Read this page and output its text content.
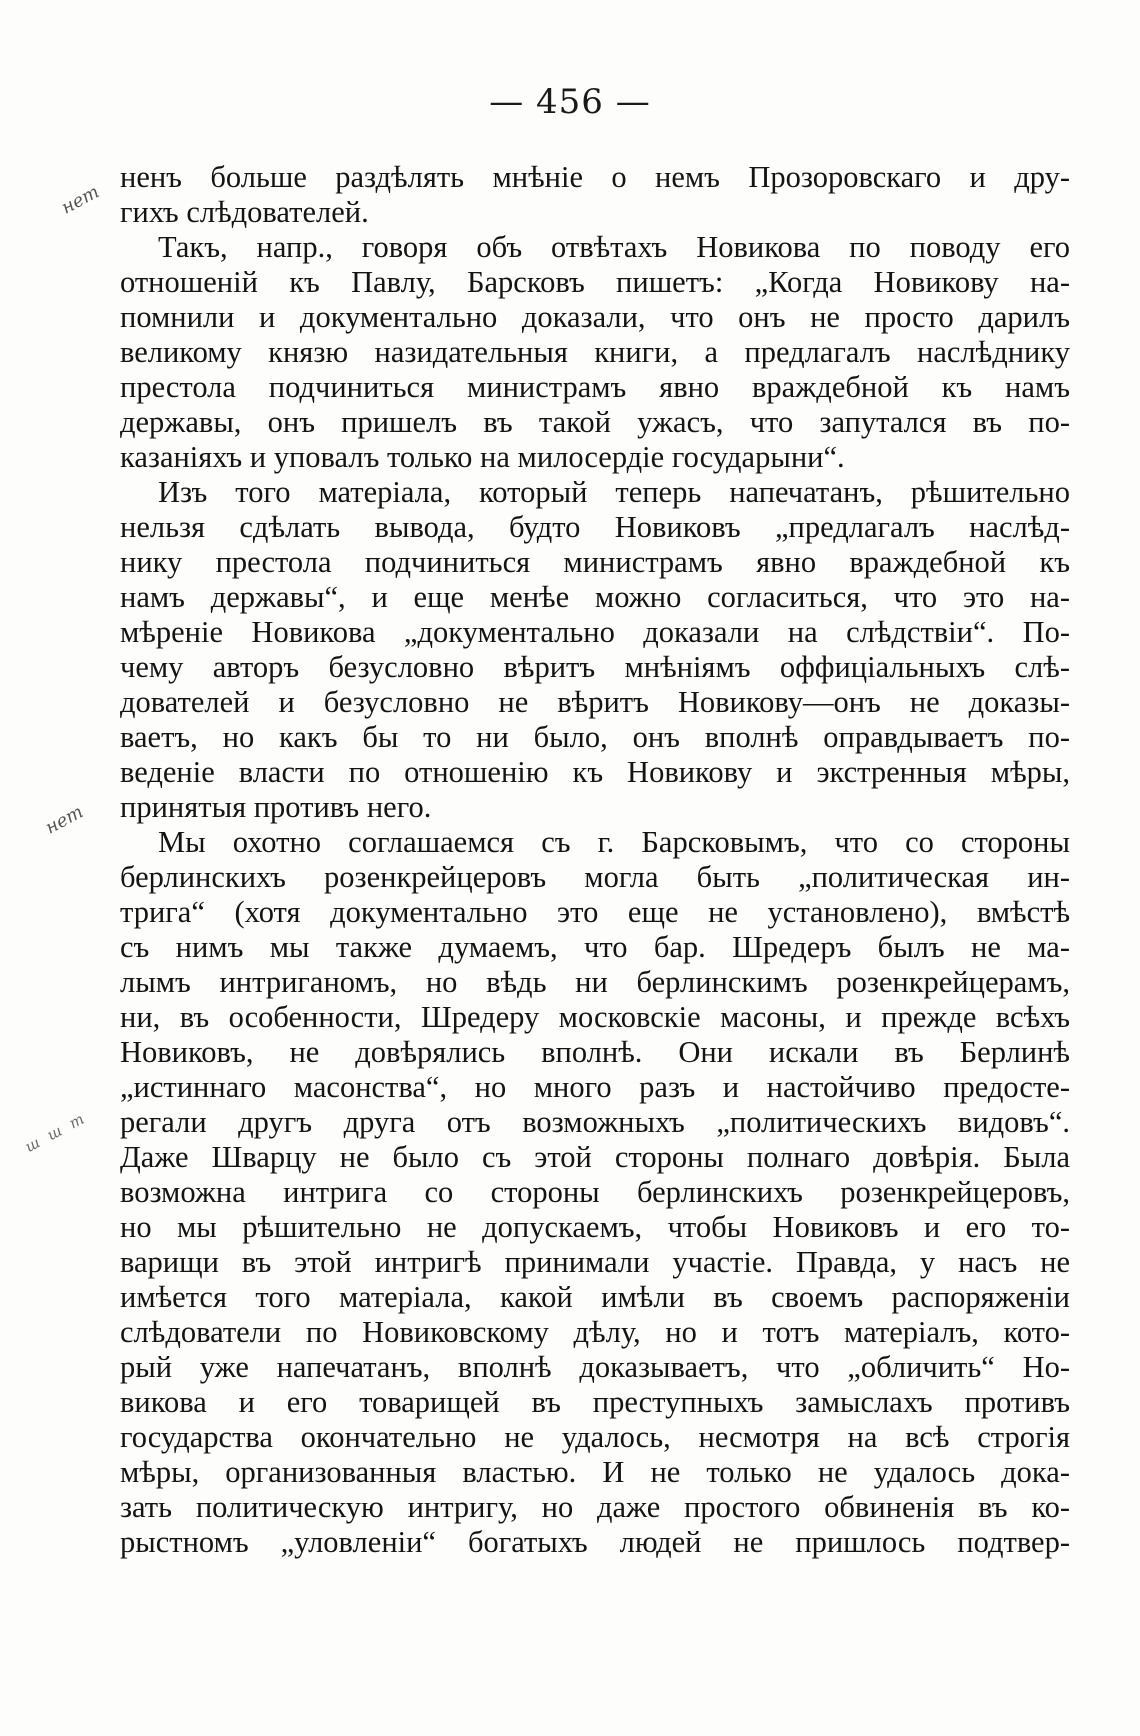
— 456 —
нет
нет
ш ш т
ненъ больше раздѣлять мнѣніе о немъ Прозоровскаго и дру-
гихъ слѣдователей.
Такъ, напр., говоря объ отвѣтахъ Новикова по поводу его
отношеній къ Павлу, Барсковъ пишетъ: „Когда Новикову на-
помнили и документально доказали, что онъ не просто дарилъ
великому князю назидательныя книги, а предлагалъ наслѣднику
престола подчиниться министрамъ явно враждебной къ намъ
державы, онъ пришелъ въ такой ужасъ, что запутался въ по-
казаніяхъ и уповалъ только на милосердіе государыни“.
Изъ того матеріала, который теперь напечатанъ, рѣшительно
нельзя сдѣлать вывода, будто Новиковъ „предлагалъ наслѣд-
нику престола подчиниться министрамъ явно враждебной къ
намъ державы“, и еще менѣе можно согласиться, что это на-
мѣреніе Новикова „документально доказали на слѣдствіи“. По-
чему авторъ безусловно вѣритъ мнѣніямъ оффиціальныхъ слѣ-
дователей и безусловно не вѣритъ Новикову—онъ не доказы-
ваетъ, но какъ бы то ни было, онъ вполнѣ оправдываетъ по-
веденіе власти по отношенію къ Новикову и экстренныя мѣры,
принятыя противъ него.
Мы охотно соглашаемся съ г. Барсковымъ, что со стороны
берлинскихъ розенкрейцеровъ могла быть „политическая ин-
трига“ (хотя документально это еще не установлено), вмѣстѣ
съ нимъ мы также думаемъ, что бар. Шредеръ былъ не ма-
лымъ интриганомъ, но вѣдь ни берлинскимъ розенкрейцерамъ,
ни, въ особенности, Шредеру московскіе масоны, и прежде всѣхъ
Новиковъ, не довѣрялись вполнѣ. Они искали въ Берлинѣ
„истиннаго масонства“, но много разъ и настойчиво предосте-
регали другъ друга отъ возможныхъ „политическихъ видовъ“.
Даже Шварцу не было съ этой стороны полнаго довѣрія. Была
возможна интрига со стороны берлинскихъ розенкрейцеровъ,
но мы рѣшительно не допускаемъ, чтобы Новиковъ и его то-
варищи въ этой интригѣ принимали участіе. Правда, у насъ не
имѣется того матеріала, какой имѣли въ своемъ распоряженіи
слѣдователи по Новиковскому дѣлу, но и тотъ матеріалъ, кото-
рый уже напечатанъ, вполнѣ доказываетъ, что „обличить“ Но-
викова и его товарищей въ преступныхъ замыслахъ противъ
государства окончательно не удалось, несмотря на всѣ строгія
мѣры, организованныя властью. И не только не удалось дока-
зать политическую интригу, но даже простого обвиненія въ ко-
рыстномъ „уловленіи“ богатыхъ людей не пришлось подтвер-
